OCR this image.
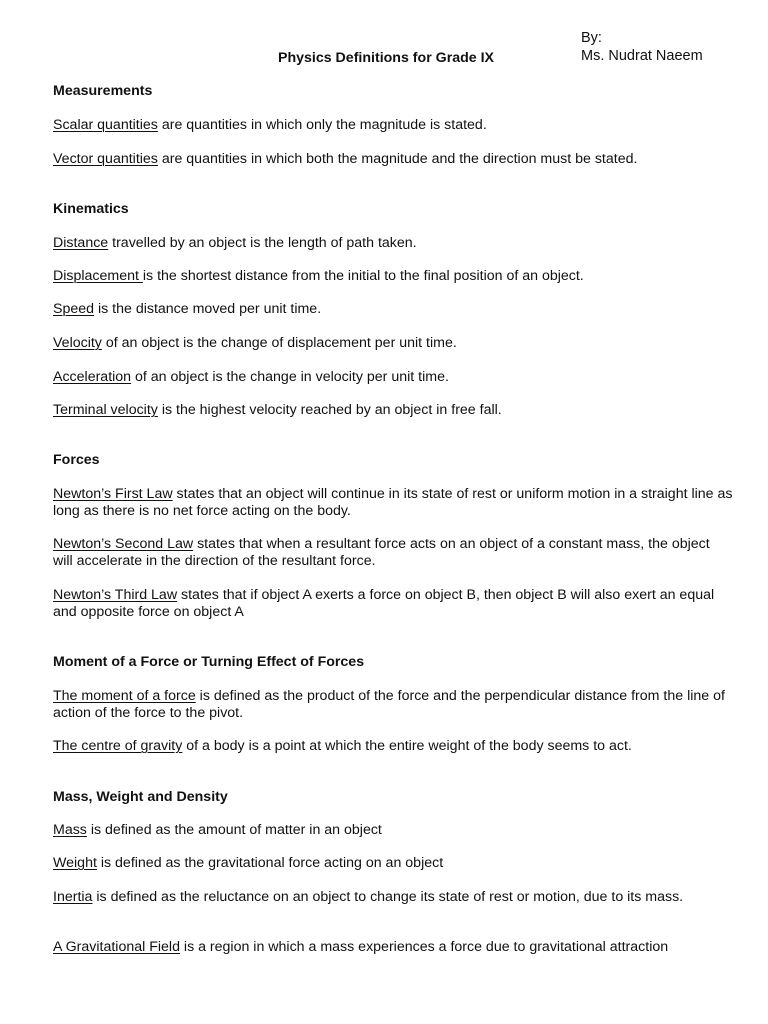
By:
Ms. Nudrat Naeem
Physics Definitions for Grade IX
Measurements
Scalar quantities are quantities in which only the magnitude is stated.
Vector quantities are quantities in which both the magnitude and the direction must be stated.
Kinematics
Distance travelled by an object is the length of path taken.
Displacement is the shortest distance from the initial to the final position of an object.
Speed is the distance moved per unit time.
Velocity of an object is the change of displacement per unit time.
Acceleration of an object is the change in velocity per unit time.
Terminal velocity is the highest velocity reached by an object in free fall.
Forces
Newton’s First Law states that an object will continue in its state of rest or uniform motion in a straight line as long as there is no net force acting on the body.
Newton’s Second Law states that when a resultant force acts on an object of a constant mass, the object will accelerate in the direction of the resultant force.
Newton’s Third Law states that if object A exerts a force on object B, then object B will also exert an equal and opposite force on object A
Moment of a Force or Turning Effect of Forces
The moment of a force is defined as the product of the force and the perpendicular distance from the line of action of the force to the pivot.
The centre of gravity of a body is a point at which the entire weight of the body seems to act.
Mass, Weight and Density
Mass is defined as the amount of matter in an object
Weight is defined as the gravitational force acting on an object
Inertia is defined as the reluctance on an object to change its state of rest or motion, due to its mass.
A Gravitational Field is a region in which a mass experiences a force due to gravitational attraction
